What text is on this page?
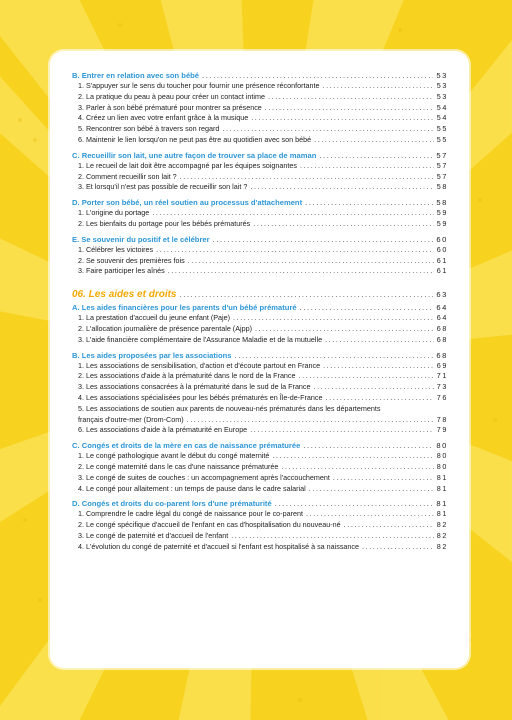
B. Entrer en relation avec son bébé .....	53
1. S'appuyer sur le sens du toucher pour fournir une présence réconfortante .....	53
2. La pratique du peau à peau pour créer un contact intime .....	53
3. Parler à son bébé prématuré pour montrer sa présence .....	54
4. Créez un lien avec votre enfant grâce à la musique .....	54
5. Rencontrer son bébé à travers son regard .....	55
6. Maintenir le lien lorsqu'on ne peut pas être au quotidien avec son bébé .....	55
C. Recueillir son lait, une autre façon de trouver sa place de maman .....	57
1. Le recueil de lait doit être accompagné par les équipes soignantes .....	57
2. Comment recueillir son lait ? .....	57
3. Et lorsqu'il n'est pas possible de recueillir son lait ? .....	58
D. Porter son bébé, un réel soutien au processus d'attachement .....	58
1. L'origine du portage .....	59
2. Les bienfaits du portage pour les bébés prématurés .....	59
E. Se souvenir du positif et le célébrer .....	60
1. Célébrer les victoires .....	60
2. Se souvenir des premières fois .....	61
3. Faire participer les aînés .....	61
06. Les aides et droits .....	63
A. Les aides financières pour les parents d'un bébé prématuré .....	64
1. La prestation d'accueil du jeune enfant (Paje) .....	64
2. L'allocation journalière de présence parentale (Ajpp) .....	68
3. L'aide financière complémentaire de l'Assurance Maladie et de la mutuelle .....	68
B. Les aides proposées par les associations .....	68
1. Les associations de sensibilisation, d'action et d'écoute partout en France .....	69
2. Les associations d'aide à la prématurité dans le nord de la France .....	71
3. Les associations consacrées à la prématurité dans le sud de la France .....	73
4. Les associations spécialisées pour les bébés prématurés en Île-de-France .....	76
5. Les associations de soutien aux parents de nouveau-nés prématurés dans les départements
français d'outre-mer (Drom-Com) .....	78
6. Les associations d'aide à la prématurité en Europe .....	79
C. Congés et droits de la mère en cas de naissance prématurée .....	80
1. Le congé pathologique avant le début du congé maternité .....	80
2. Le congé maternité dans le cas d'une naissance prématurée .....	80
3. Le congé de suites de couches : un accompagnement après l'accouchement .....	81
4. Le congé pour allaitement : un temps de pause dans le cadre salarial .....	81
D. Congés et droits du co-parent lors d'une prématurité .....	81
1. Comprendre le cadre légal du congé de naissance pour le co-parent .....	81
2. Le congé spécifique d'accueil de l'enfant en cas d'hospitalisation du nouveau-né .....	82
3. Le congé de paternité et d'accueil de l'enfant .....	82
4. L'évolution du congé de paternité et d'accueil si l'enfant est hospitalisé à sa naissance .....	82
